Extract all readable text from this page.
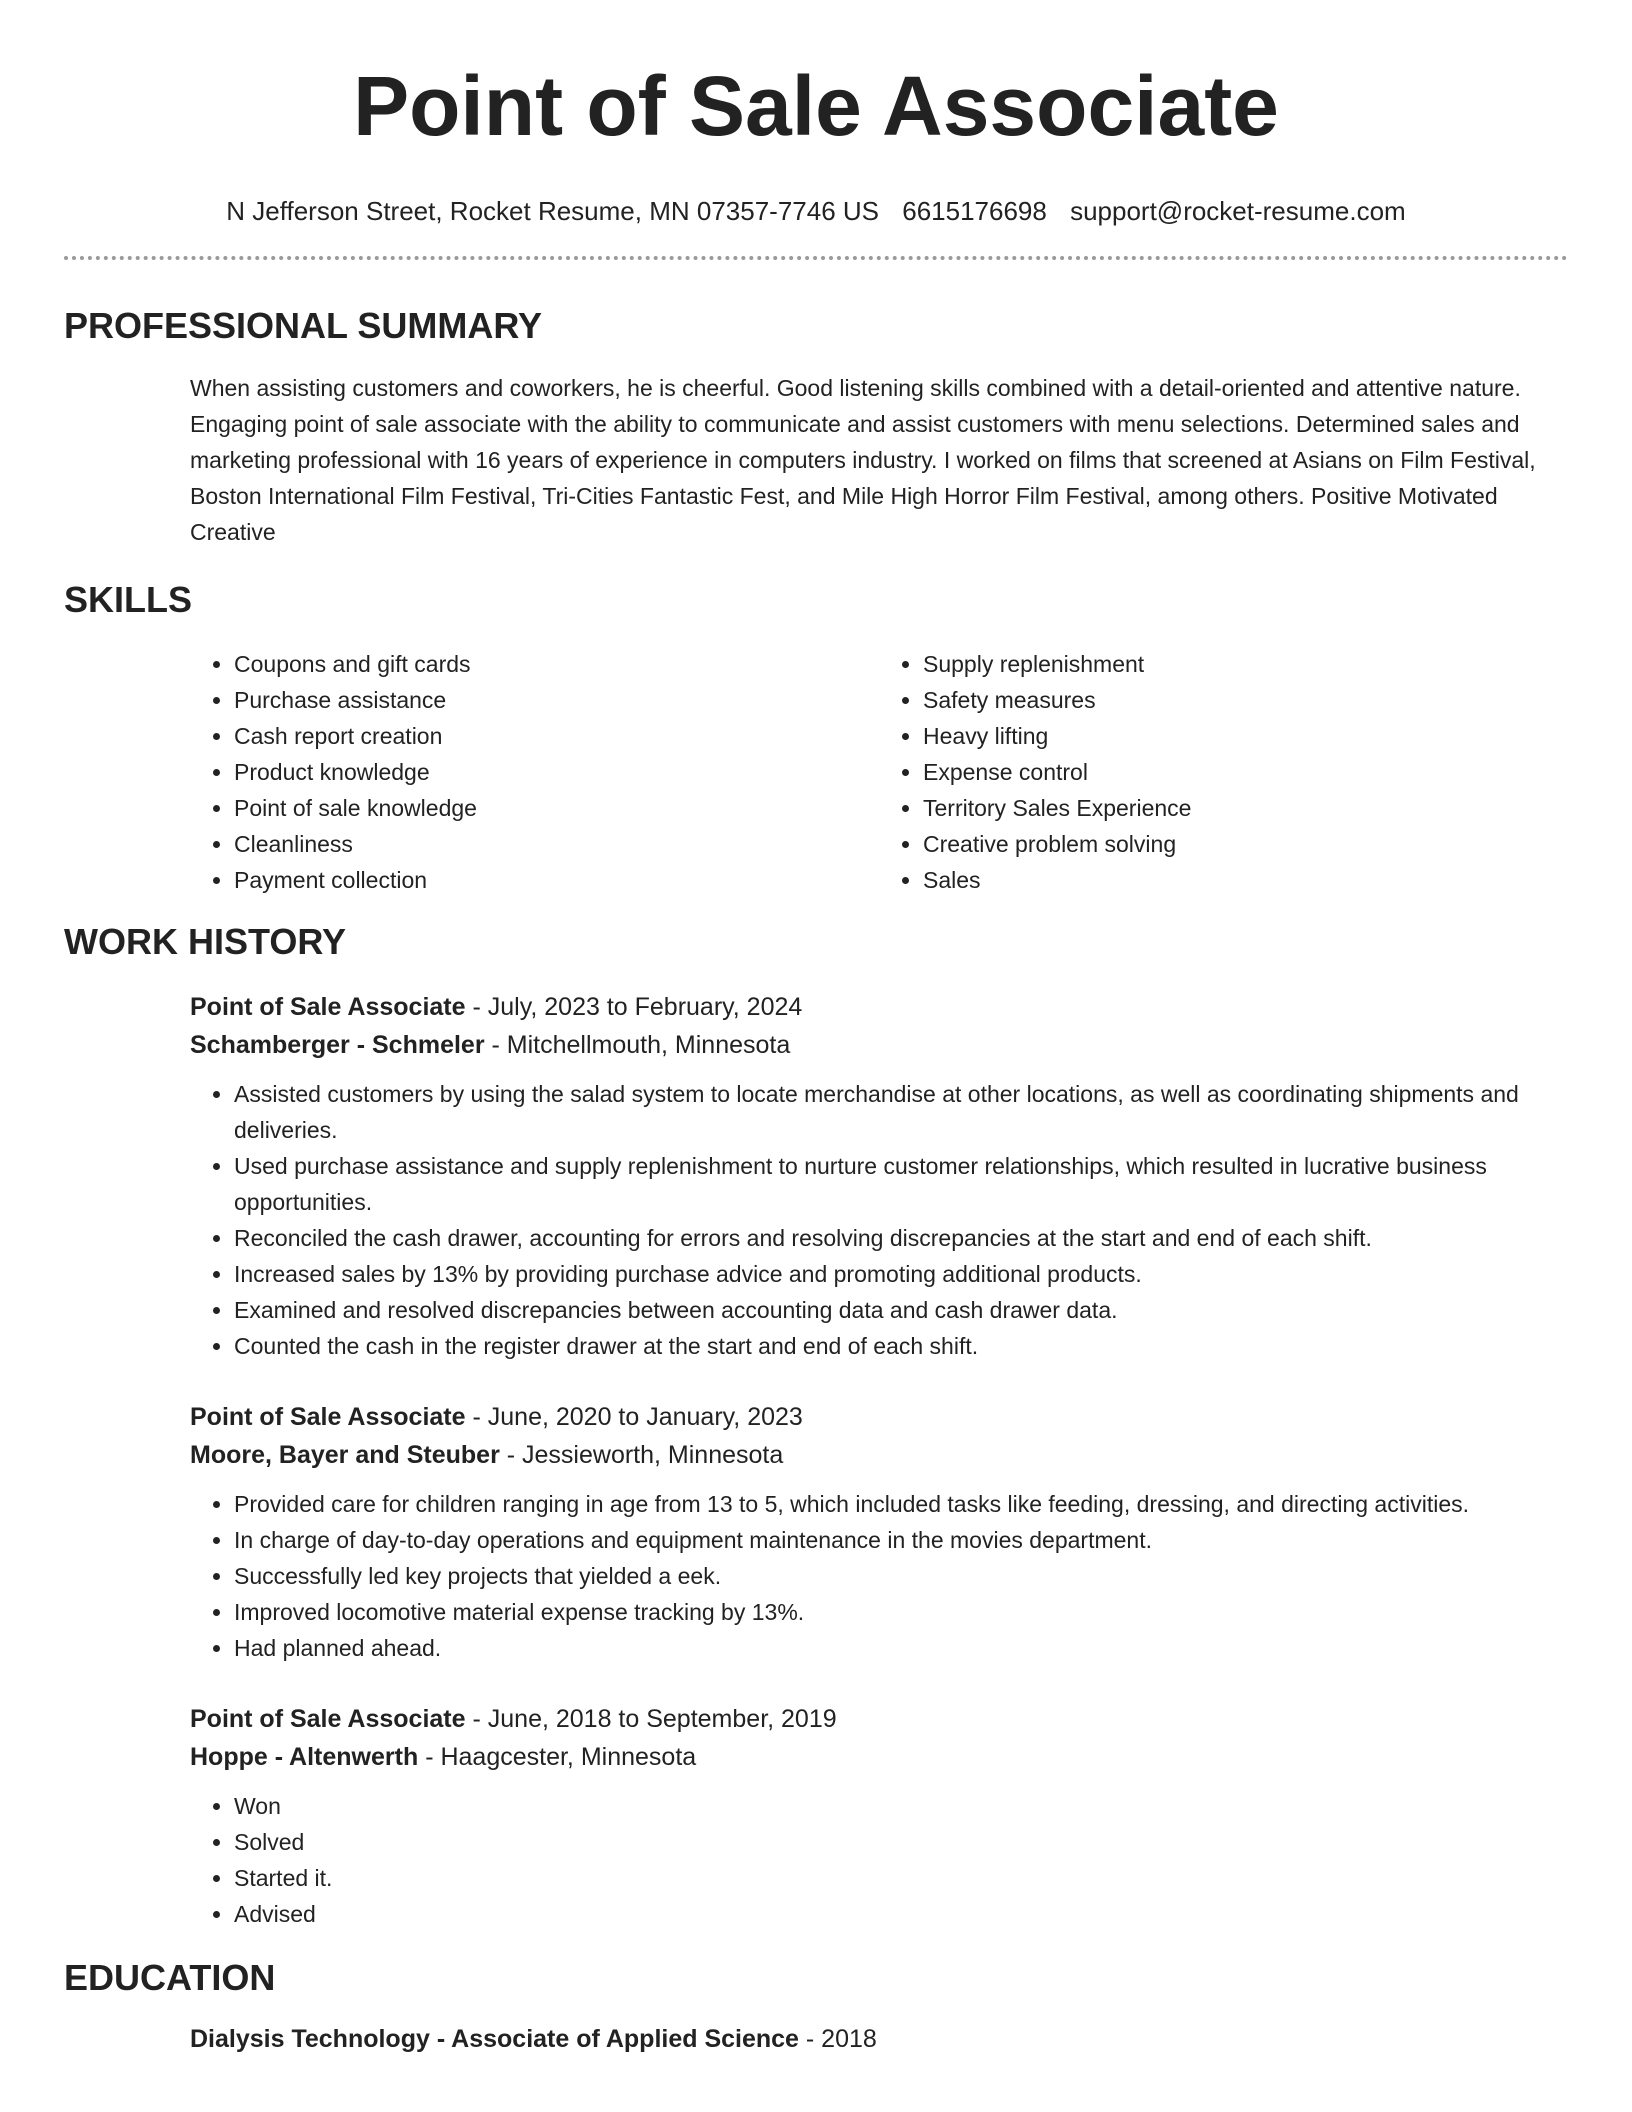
Point of Sale Associate
N Jefferson Street, Rocket Resume, MN 07357-7746 US 6615176698 support@rocket-resume.com
PROFESSIONAL SUMMARY

When assisting customers and coworkers, he is cheerful. Good listening skills combined with a detail-oriented and attentive nature. Engaging point of sale associate with the ability to communicate and assist customers with menu selections. Determined sales and marketing professional with 16 years of experience in computers industry. I worked on films that screened at Asians on Film Festival, Boston International Film Festival, Tri-Cities Fantastic Fest, and Mile High Horror Film Festival, among others. Positive Motivated Creative

SKILLS
• Coupons and gift cards
• Purchase assistance
• Cash report creation
• Product knowledge
• Point of sale knowledge
• Cleanliness
• Payment collection
• Supply replenishment
• Safety measures
• Heavy lifting
• Expense control
• Territory Sales Experience
• Creative problem solving
• Sales
WORK HISTORY
Point of Sale Associate - July, 2023 to February, 2024
Schamberger - Schmeler - Mitchellmouth, Minnesota
• Assisted customers by using the salad system to locate merchandise at other locations, as well as coordinating shipments and deliveries.
• Used purchase assistance and supply replenishment to nurture customer relationships, which resulted in lucrative business opportunities.
• Reconciled the cash drawer, accounting for errors and resolving discrepancies at the start and end of each shift.
• Increased sales by 13% by providing purchase advice and promoting additional products.
• Examined and resolved discrepancies between accounting data and cash drawer data.
• Counted the cash in the register drawer at the start and end of each shift.
Point of Sale Associate - June, 2020 to January, 2023
Moore, Bayer and Steuber - Jessieworth, Minnesota
• Provided care for children ranging in age from 13 to 5, which included tasks like feeding, dressing, and directing activities.
• In charge of day-to-day operations and equipment maintenance in the movies department.
• Successfully led key projects that yielded a eek.
• Improved locomotive material expense tracking by 13%.
• Had planned ahead.
Point of Sale Associate - June, 2018 to September, 2019
Hoppe - Altenwerth - Haagcester, Minnesota
• Won
• Solved
• Started it.
• Advised
EDUCATION
Dialysis Technology - Associate of Applied Science - 2018
